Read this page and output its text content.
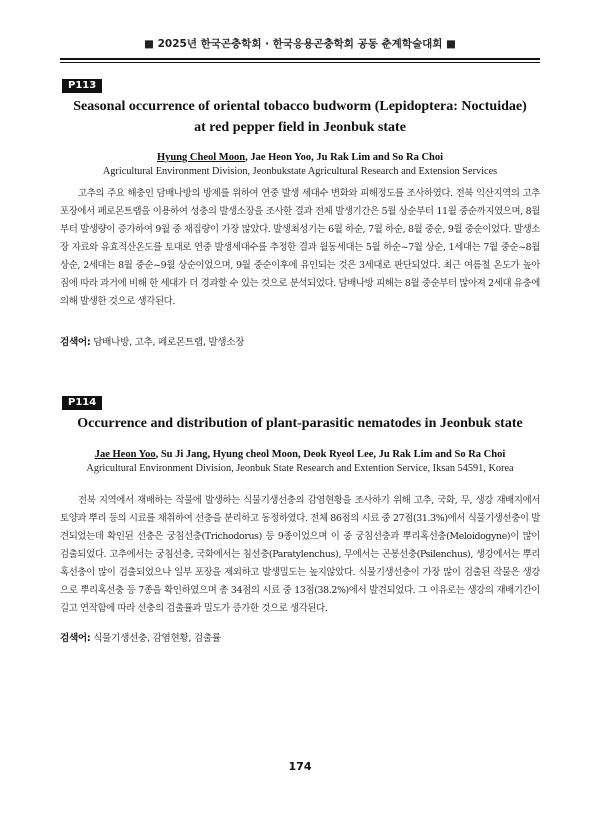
■ 2025년 한국곤충학회 · 한국응용곤충학회 공동 춘계학술대회 ■
P113
Seasonal occurrence of oriental tobacco budworm (Lepidoptera: Noctuidae)
at red pepper field in Jeonbuk state
Hyung Cheol Moon, Jae Heon Yoo, Ju Rak Lim and So Ra Choi
Agricultural Environment Division, Jeonbukstate Agricultural Research and Extension Services
고추의 주요 해충인 담배나방의 방제를 위하여 연중 발생 세대수 변화와 피해정도를 조사하였다. 전북 익산지역의 고추포장에서 페로몬트랩을 이용하여 성충의 발생소장을 조사한 결과 전체 발생기간은 5월 상순부터 11월 중순까지였으며, 8월부터 발생량이 증가하여 9월 중 채집량이 가장 많았다. 발생최성기는 6월 하순, 7월 하순, 8월 중순, 9월 중순이었다. 발생소장 자료와 유효적산온도를 토대로 연중 발생세대수를 추정한 결과 월동세대는 5월 하순~7월 상순, 1세대는 7월 중순~8월 상순, 2세대는 8월 중순~9월 상순이었으며, 9월 중순이후에 유인되는 것은 3세대로 판단되었다. 최근 여름철 온도가 높아짐에 따라 과거에 비해 한 세대가 더 경과할 수 있는 것으로 분석되었다. 담배나방 피해는 8월 중순부터 많아져 2세대 유충에 의해 발생한 것으로 생각된다.
검색어: 담배나방, 고추, 페로몬트랩, 발생소장
P114
Occurrence and distribution of plant-parasitic nematodes in Jeonbuk state
Jae Heon Yoo, Su Ji Jang, Hyung cheol Moon, Deok Ryeol Lee, Ju Rak Lim and So Ra Choi
Agricultural Environment Division, Jeonbuk State Research and Extention Service, Iksan 54591, Korea
전북 지역에서 재배하는 작물에 발생하는 식물기생선충의 감염현황을 조사하기 위해 고추, 국화, 무, 생강 재배지에서 토양과 뿌리 등의 시료를 채취하여 선충을 분리하고 동정하였다. 전체 86점의 시료 중 27점(31.3%)에서 식물기생선충이 발견되었는데 확인된 선충은 궁침선충(Trichodorus) 등 9종이었으며 이 중 궁침선충과 뿌리혹선충(Meloidogyne)이 많이 검출되었다. 고추에서는 궁침선충, 국화에서는 침선충(Paratylenchus), 무에서는 곤봉선충(Psilenchus), 생강에서는 뿌리혹선충이 많이 검출되었으나 일부 포장을 제외하고 발생밀도는 높지않았다. 식물기생선충이 가장 많이 검출된 작물은 생강으로 뿌리혹선충 등 7종을 확인하였으며 총 34점의 시료 중 13점(38.2%)에서 발견되었다. 그 이유로는 생강의 재배기간이 길고 연작함에 따라 선충의 검출률과 밀도가 증가한 것으로 생각된다.
검색어: 식물기생선충, 감염현황, 검출률
174
